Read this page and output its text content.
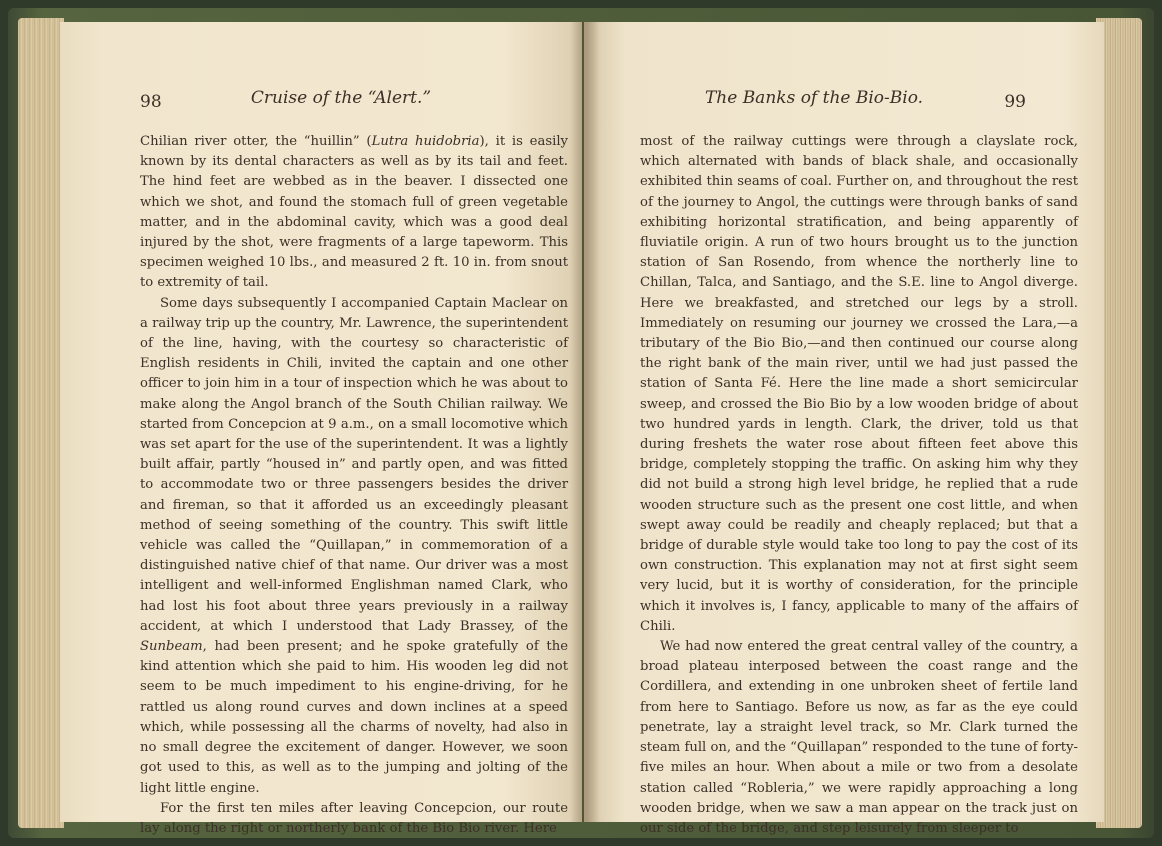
98	Cruise of the “Alert.”

Chilian river otter, the “huillin” (Lutra huidobria), it is easily known by its dental characters as well as by its tail and feet. The hind feet are webbed as in the beaver. I dissected one which we shot, and found the stomach full of green vegetable matter, and in the abdominal cavity, which was a good deal injured by the shot, were fragments of a large tapeworm. This specimen weighed 10 lbs., and measured 2 ft. 10 in. from snout to extremity of tail.

Some days subsequently I accompanied Captain Maclear on a railway trip up the country, Mr. Lawrence, the superintendent of the line, having, with the courtesy so characteristic of English residents in Chili, invited the captain and one other officer to join him in a tour of inspection which he was about to make along the Angol branch of the South Chilian railway. We started from Concepcion at 9 a.m., on a small locomotive which was set apart for the use of the superintendent. It was a lightly built affair, partly “housed in” and partly open, and was fitted to accommodate two or three passengers besides the driver and fireman, so that it afforded us an exceedingly pleasant method of seeing something of the country. This swift little vehicle was called the “Quillapan,” in commemoration of a distinguished native chief of that name. Our driver was a most intelligent and well-informed Englishman named Clark, who had lost his foot about three years previously in a railway accident, at which I understood that Lady Brassey, of the Sunbeam, had been present; and he spoke gratefully of the kind attention which she paid to him. His wooden leg did not seem to be much impediment to his engine-driving, for he rattled us along round curves and down inclines at a speed which, while possessing all the charms of novelty, had also in no small degree the excitement of danger. However, we soon got used to this, as well as to the jumping and jolting of the light little engine.

For the first ten miles after leaving Concepcion, our route lay along the right or northerly bank of the Bio Bio river. Here

The Banks of the Bio-Bio.	99

most of the railway cuttings were through a clayslate rock, which alternated with bands of black shale, and occasionally exhibited thin seams of coal. Further on, and throughout the rest of the journey to Angol, the cuttings were through banks of sand exhibiting horizontal stratification, and being apparently of fluviatile origin. A run of two hours brought us to the junction station of San Rosendo, from whence the northerly line to Chillan, Talca, and Santiago, and the S.E. line to Angol diverge. Here we breakfasted, and stretched our legs by a stroll. Immediately on resuming our journey we crossed the Lara,—a tributary of the Bio Bio,—and then continued our course along the right bank of the main river, until we had just passed the station of Santa Fé. Here the line made a short semicircular sweep, and crossed the Bio Bio by a low wooden bridge of about two hundred yards in length. Clark, the driver, told us that during freshets the water rose about fifteen feet above this bridge, completely stopping the traffic. On asking him why they did not build a strong high level bridge, he replied that a rude wooden structure such as the present one cost little, and when swept away could be readily and cheaply replaced; but that a bridge of durable style would take too long to pay the cost of its own construction. This explanation may not at first sight seem very lucid, but it is worthy of consideration, for the principle which it involves is, I fancy, applicable to many of the affairs of Chili.

We had now entered the great central valley of the country, a broad plateau interposed between the coast range and the Cordillera, and extending in one unbroken sheet of fertile land from here to Santiago. Before us now, as far as the eye could penetrate, lay a straight level track, so Mr. Clark turned the steam full on, and the “Quillapan” responded to the tune of forty-five miles an hour. When about a mile or two from a desolate station called “Robleria,” we were rapidly approaching a long wooden bridge, when we saw a man appear on the track just on our side of the bridge, and step leisurely from sleeper to
